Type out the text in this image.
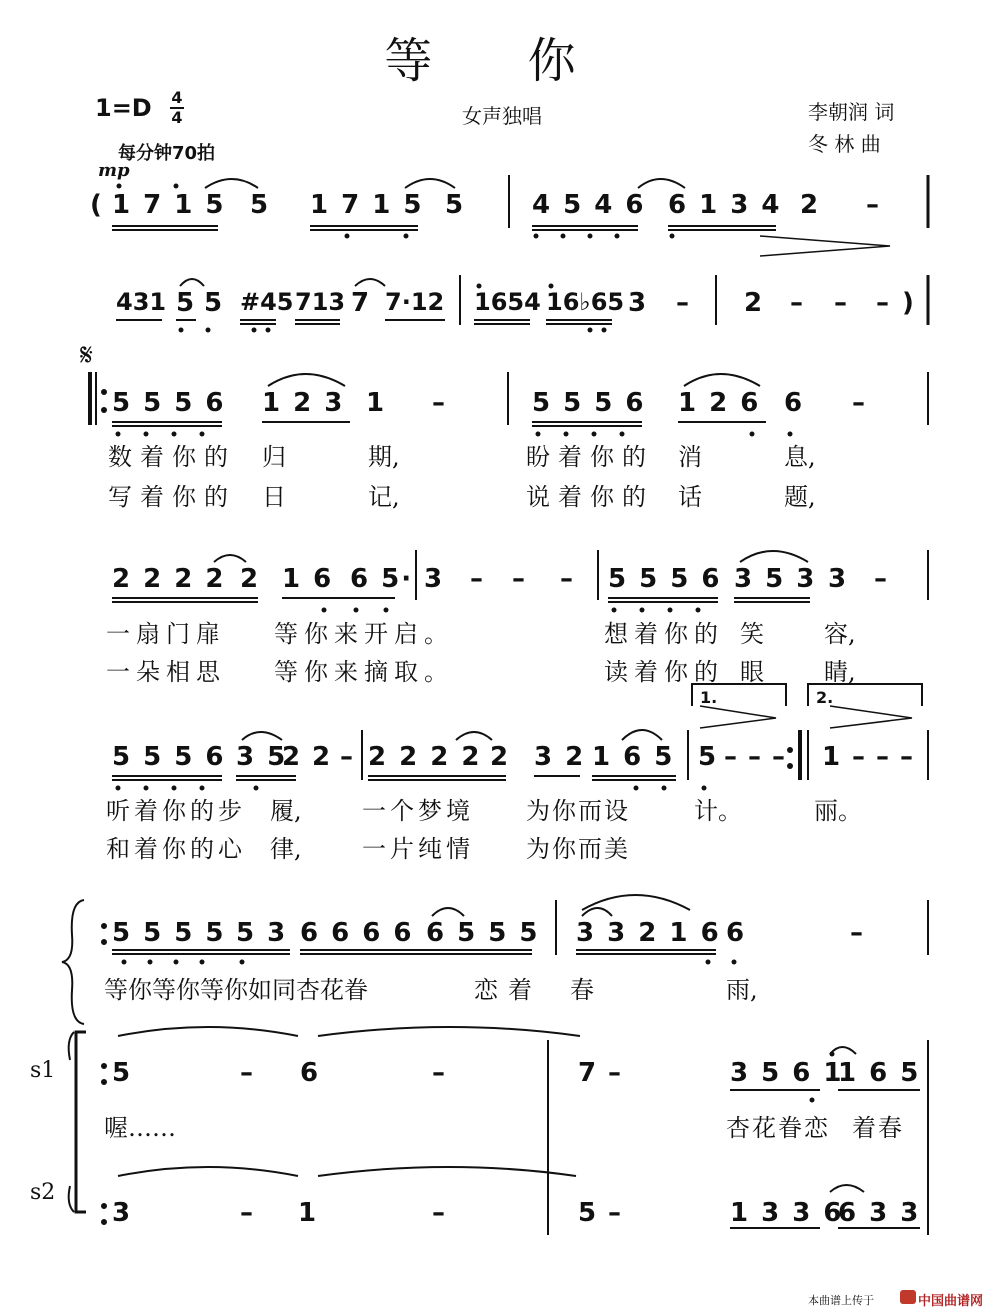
等 你
1=D 4
4	女声独唱	李朝润 词
冬 林 曲
每分钟70拍
mp
( 1 7 1 5 5 1 7 1 5 5	4 5 4 6 6 1 3 4 2 –
431 5 5 #45 713 7 7·12 1654 16♭65 3 – 2 – – – )
𝄋
5 5 5 6 1 2 3 1 –	5 5 5 6 1 2 6 6 –
数着你的 归	期,	盼着你的 消	息,
写着你的 日	记,	说着你的 话	题,
2 2 2 2 2 1 6 6 5· 3 – – – 5 5 5 6 3 5 3 3 –
一扇门扉 等你来开启。	想着你的 笑	容,
一朵相思 等你来摘取。	读着你的 眼	睛,
1.	2.
5 5 5 6 3 5
2 2 – 2 2 2 2 2 3 2 1 6 5 5 – – – 1 – – –
听着你的步 履,	一个梦境 为你而设	计。	丽。
和着你的心 律,	一片纯情 为你而美
5 5 5 5 5 3 6 6 6 6 6 5 5 5 3 3 2 1 6 6	–
等你等你等你如同杏花眷	恋着 春	雨,
s1 5	– 6	–	7 –	3 5 6 1
1 6 5
喔……	杏花眷恋 着春
s2
3	– 1	–	5 –	1 3 3 6
6 3 3
本曲谱上传于	中国曲谱网
